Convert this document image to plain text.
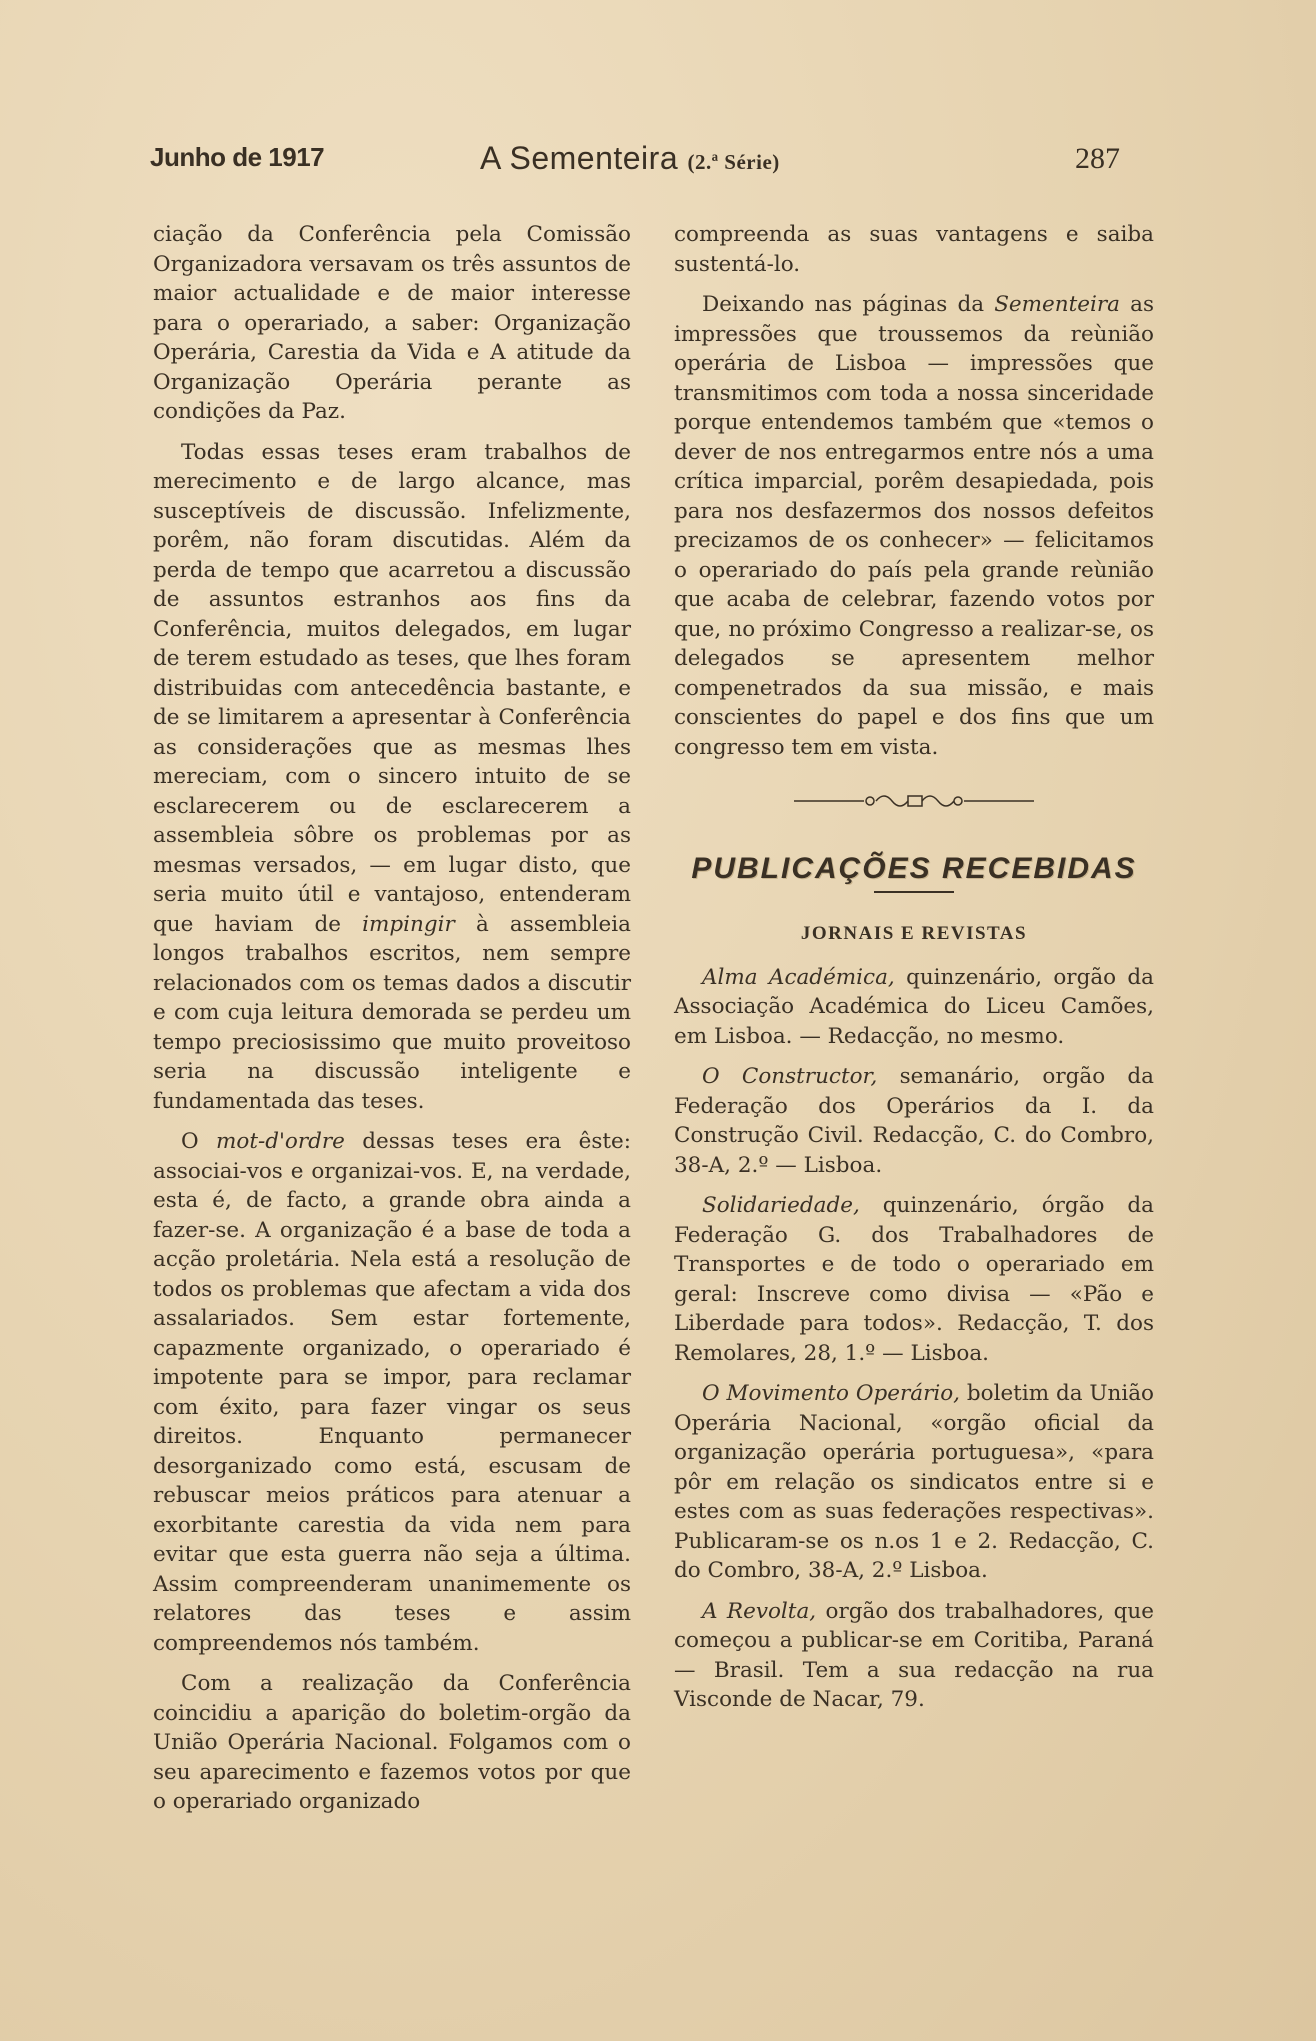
Junho de 1917	A Sementeira (2.ª Série)	287

ciação da Conferência pela Comissão Organizadora versavam os três assuntos de maior actualidade e de maior interesse para o operariado, a saber: Organização Operária, Carestia da Vida e A atitude da Organização Operária perante as condições da Paz.

Todas essas teses eram trabalhos de merecimento e de largo alcance, mas susceptíveis de discussão. Infelizmente, porêm, não foram discutidas. Além da perda de tempo que acarretou a discussão de assuntos estranhos aos fins da Conferência, muitos delegados, em lugar de terem estudado as teses, que lhes foram distribuidas com antecedência bastante, e de se limitarem a apresentar à Conferência as considerações que as mesmas lhes mereciam, com o sincero intuito de se esclarecerem ou de esclarecerem a assembleia sôbre os problemas por as mesmas versados, — em lugar disto, que seria muito útil e vantajoso, entenderam que haviam de impingir à assembleia longos trabalhos escritos, nem sempre relacionados com os temas dados a discutir e com cuja leitura demorada se perdeu um tempo preciosissimo que muito proveitoso seria na discussão inteligente e fundamentada das teses.

O mot-d'ordre dessas teses era êste: associai-vos e organizai-vos. E, na verdade, esta é, de facto, a grande obra ainda a fazer-se. A organização é a base de toda a acção proletária. Nela está a resolução de todos os problemas que afectam a vida dos assalariados. Sem estar fortemente, capazmente organizado, o operariado é impotente para se impor, para reclamar com éxito, para fazer vingar os seus direitos. Enquanto permanecer desorganizado como está, escusam de rebuscar meios práticos para atenuar a exorbitante carestia da vida nem para evitar que esta guerra não seja a última. Assim compreenderam unanimemente os relatores das teses e assim compreendemos nós também.

Com a realização da Conferência coincidiu a aparição do boletim-orgão da União Operária Nacional. Folgamos com o seu aparecimento e fazemos votos por que o operariado organizado

compreenda as suas vantagens e saiba sustentá-lo.

Deixando nas páginas da Sementeira as impressões que troussemos da reùnião operária de Lisboa — impressões que transmitimos com toda a nossa sinceridade porque entendemos também que «temos o dever de nos entregarmos entre nós a uma crítica imparcial, porêm desapiedada, pois para nos desfazermos dos nossos defeitos precizamos de os conhecer» — felicitamos o operariado do país pela grande reùnião que acaba de celebrar, fazendo votos por que, no próximo Congresso a realizar-se, os delegados se apresentem melhor compenetrados da sua missão, e mais conscientes do papel e dos fins que um congresso tem em vista.

PUBLICAÇÕES RECEBIDAS
JORNAIS E REVISTAS

Alma Académica, quinzenário, orgão da Associação Académica do Liceu Camões, em Lisboa. — Redacção, no mesmo.

O Constructor, semanário, orgão da Federação dos Operários da I. da Construção Civil. Redacção, C. do Combro, 38-A, 2.º — Lisboa.

Solidariedade, quinzenário, órgão da Federação G. dos Trabalhadores de Transportes e de todo o operariado em geral: Inscreve como divisa — «Pão e Liberdade para todos». Redacção, T. dos Remolares, 28, 1.º — Lisboa.

O Movimento Operário, boletim da União Operária Nacional, «orgão oficial da organização operária portuguesa», «para pôr em relação os sindicatos entre si e estes com as suas federações respectivas». Publicaram-se os n.os 1 e 2. Redacção, C. do Combro, 38-A, 2.º Lisboa.

A Revolta, orgão dos trabalhadores, que começou a publicar-se em Coritiba, Paraná — Brasil. Tem a sua redacção na rua Visconde de Nacar, 79.
